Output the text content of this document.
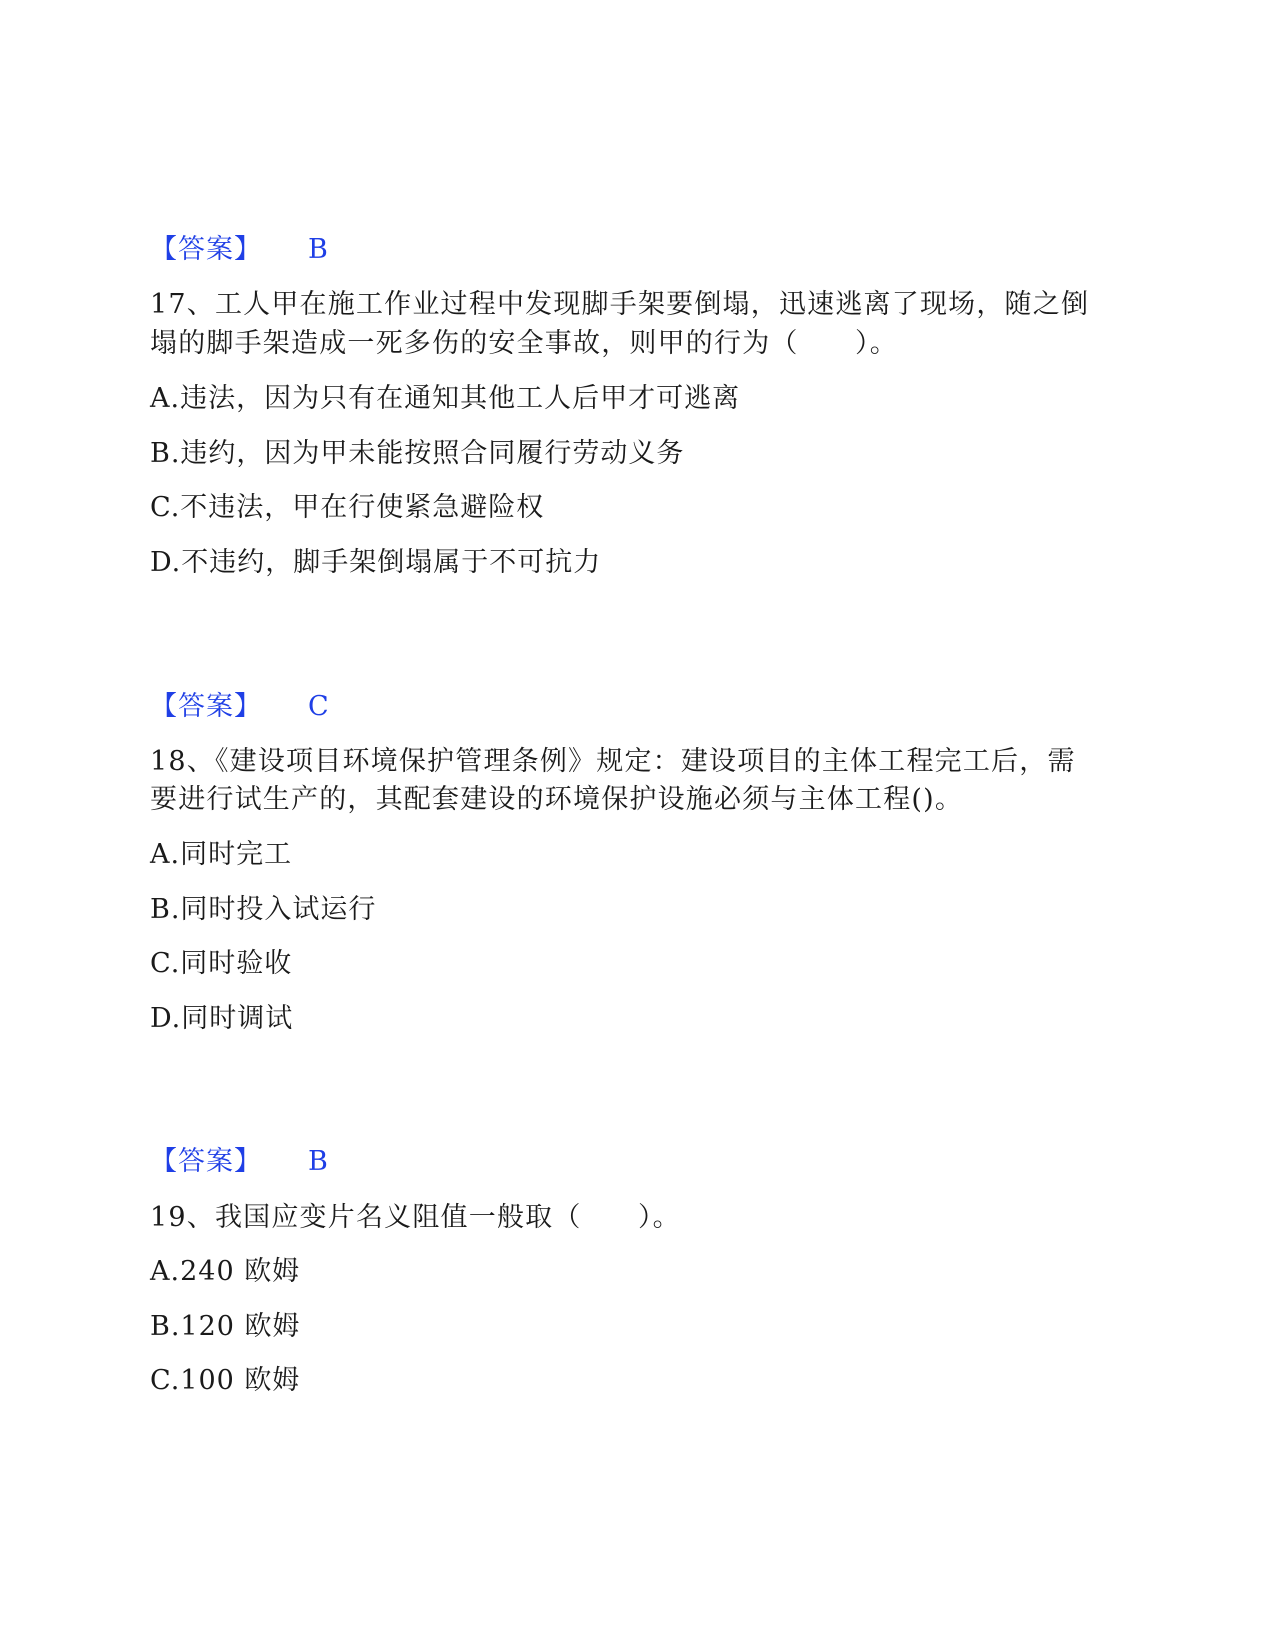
【答案】 B
17、工人甲在施工作业过程中发现脚手架要倒塌，迅速逃离了现场，随之倒
塌的脚手架造成一死多伤的安全事故，则甲的行为（　　）。
A.违法，因为只有在通知其他工人后甲才可逃离
B.违约，因为甲未能按照合同履行劳动义务
C.不违法，甲在行使紧急避险权
D.不违约，脚手架倒塌属于不可抗力
【答案】 C
18、《建设项目环境保护管理条例》规定：建设项目的主体工程完工后，需
要进行试生产的，其配套建设的环境保护设施必须与主体工程()。
A.同时完工
B.同时投入试运行
C.同时验收
D.同时调试
【答案】 B
19、我国应变片名义阻值一般取（　　）。
A.240 欧姆
B.120 欧姆
C.100 欧姆
